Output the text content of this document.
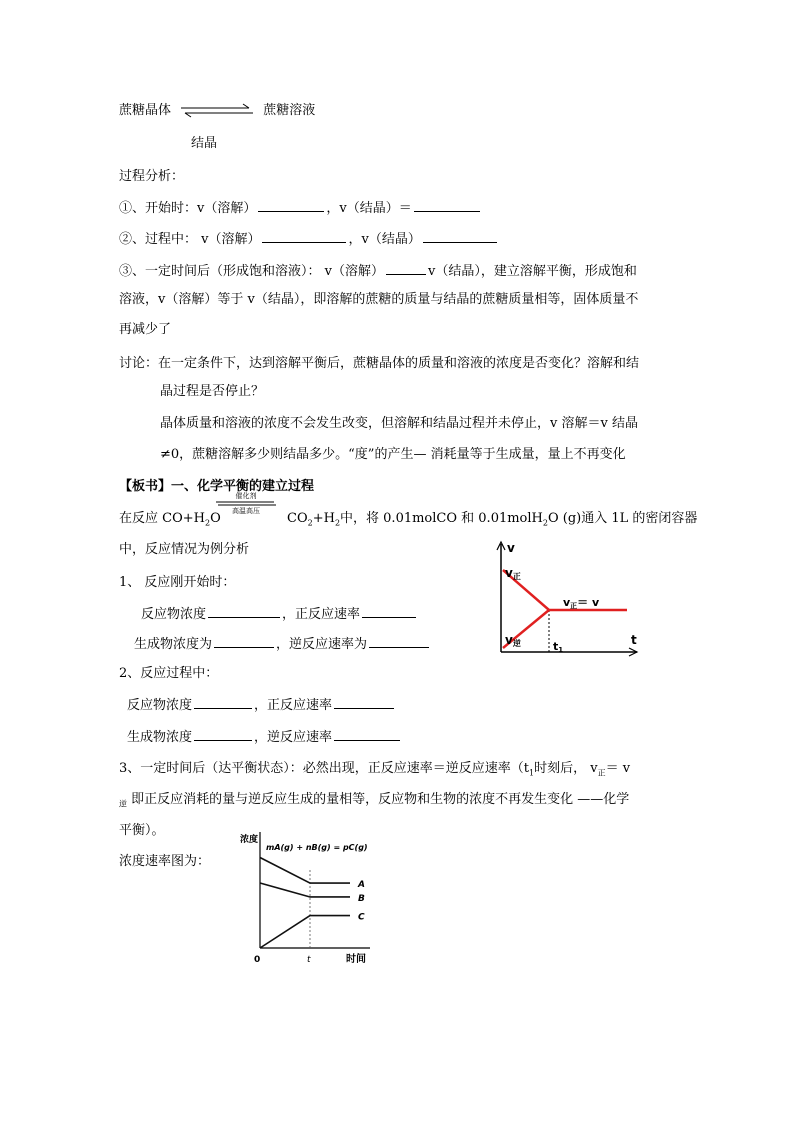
蔗糖晶体	蔗糖溶液
结晶
过程分析：
①、开始时：v（溶解）	，v（结晶）＝
②、过程中： v（溶解）	，v（结晶）
③、一定时间后（形成饱和溶液）： v（溶解）	v（结晶），建立溶解平衡，形成饱和
溶液，v（溶解）等于 v（结晶），即溶解的蔗糖的质量与结晶的蔗糖质量相等，固体质量不
再减少了
讨论：在一定条件下，达到溶解平衡后，蔗糖晶体的质量和溶液的浓度是否变化？溶解和结
晶过程是否停止？
晶体质量和溶液的浓度不会发生改变，但溶解和结晶过程并未停止，v 溶解＝v 结晶
≠0，蔗糖溶解多少则结晶多少。“度”的产生— 消耗量等于生成量，量上不再变化
【板书】一、化学平衡的建立过程
在反应 $CO+H_2O$
催化剂
高温高压	$CO_2+H_2$中，将 0.01molCO 和 0.01molH$_2$O (g)通入 1L 的密闭容器
中，反应情况为例分析
1、 反应刚开始时：
反应物浓度	，正反应速率
生成物浓度为	，逆反应速率为
v
t
v正
v逆
v正＝ v
t1
2、反应过程中：
反应物浓度	，正反应速率
生成物浓度	，逆反应速率
3、一定时间后（达平衡状态）：必然出现，正反应速率＝逆反应速率（$t_1$时刻后， $v_正= v$
$_逆$ 即正反应消耗的量与逆反应生成的量相等，反应物和生物的浓度不再发生变化 ——化学
平衡）。
浓度速率图为：
浓度
mA(g) + nB(g) = pC(g)
A
B
C
0	t	时间
